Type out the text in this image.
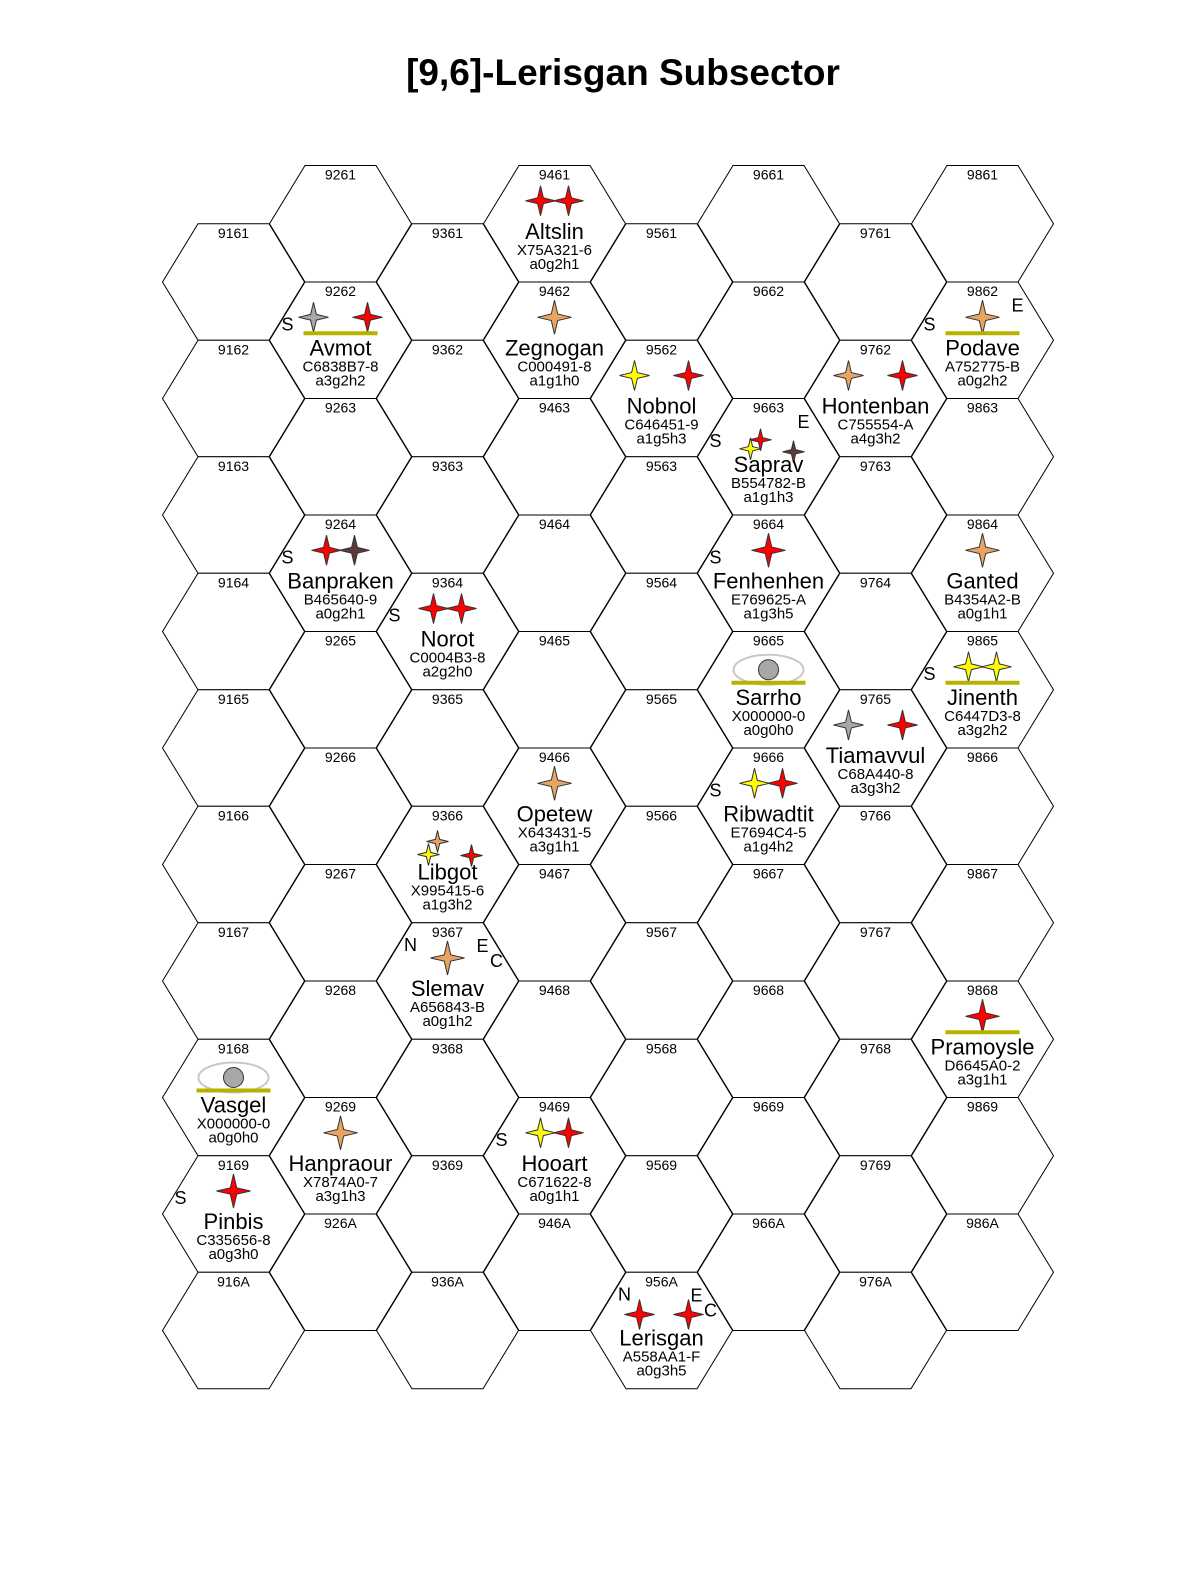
[9,6]-Lerisgan Subsector
9161
9162
9163
9164
9165
9166
9167
9168
9169
916A
9261
9262
9263
9264
9265
9266
9267
9268
9269
926A
9361
9362
9363
9364
9365
9366
9367
9368
9369
936A
9461
9462
9463
9464
9465
9466
9467
9468
9469
946A
9561
9562
9563
9564
9565
9566
9567
9568
9569
956A
9661
9662
9663
9664
9665
9666
9667
9668
9669
966A
9761
9762
9763
9764
9765
9766
9767
9768
9769
976A
9861
9862
9863
9864
9865
9866
9867
9868
9869
986A
S
Avmot
C6838B7-8
a3g2h2
S
Banpraken
B465640-9
a0g2h1
Hanpraour
X7874A0-7
a3g1h3
Vasgel
X000000-0
a0g0h0
S
Pinbis
C335656-8
a0g3h0
S
Norot
C0004B3-8
a2g2h0
Libgot
X995415-6
a1g3h2
N	E
C
Slemav
A656843-B
a0g1h2
Altslin
X75A321-6
a0g2h1
Zegnogan
C000491-8
a1g1h0
Opetew
X643431-5
a3g1h1
S
Hooart
C671622-8
a0g1h1
Nobnol
C646451-9
a1g5h3
N	E
C
Lerisgan
A558AA1-F
a0g3h5
S
E
Saprav
B554782-B
a1g1h3
S
Fenhenhen
E769625-A
a1g3h5
Sarrho
X000000-0
a0g0h0
S
Ribwadtit
E7694C4-5
a1g4h2
Hontenban
C755554-A
a4g3h2
Tiamavvul
C68A440-8
a3g3h2
S
E
Podave
A752775-B
a0g2h2
Ganted
B4354A2-B
a0g1h1
S
Jinenth
C6447D3-8
a3g2h2
Pramoysle
D6645A0-2
a3g1h1
